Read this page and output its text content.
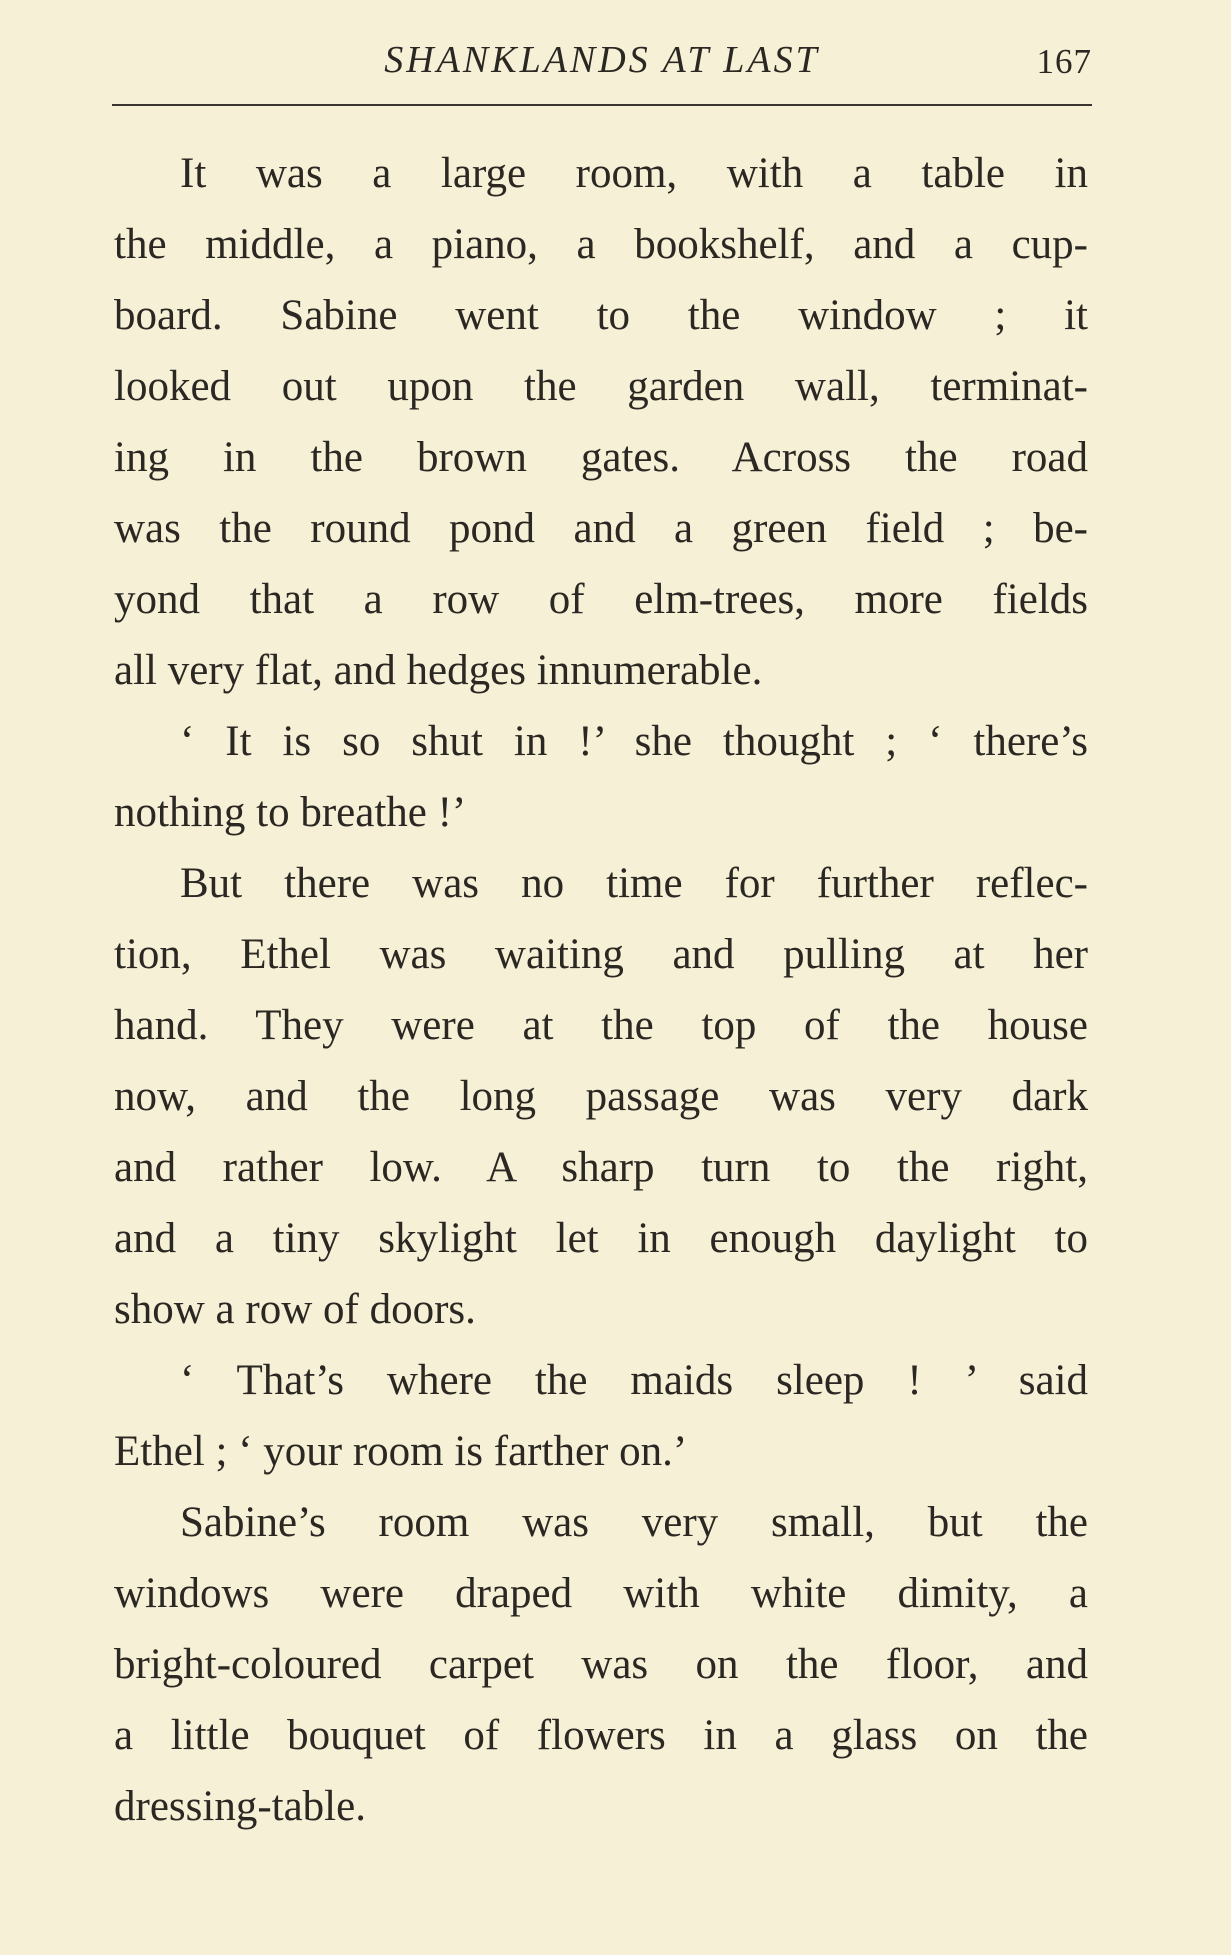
SHANKLANDS AT LAST	167
It was a large room, with a table in
the middle, a piano, a bookshelf, and a cup-
board. Sabine went to the window ; it
looked out upon the garden wall, terminat-
ing in the brown gates. Across the road
was the round pond and a green field ; be-
yond that a row of elm-trees, more fields
all very flat, and hedges innumerable.
‘ It is so shut in !’ she thought ; ‘ there’s
nothing to breathe !’
But there was no time for further reflec-
tion, Ethel was waiting and pulling at her
hand. They were at the top of the house
now, and the long passage was very dark
and rather low. A sharp turn to the right,
and a tiny skylight let in enough daylight to
show a row of doors.
‘ That’s where the maids sleep ! ’ said
Ethel ; ‘ your room is farther on.’
Sabine’s room was very small, but the
windows were draped with white dimity, a
bright-coloured carpet was on the floor, and
a little bouquet of flowers in a glass on the
dressing-table.
